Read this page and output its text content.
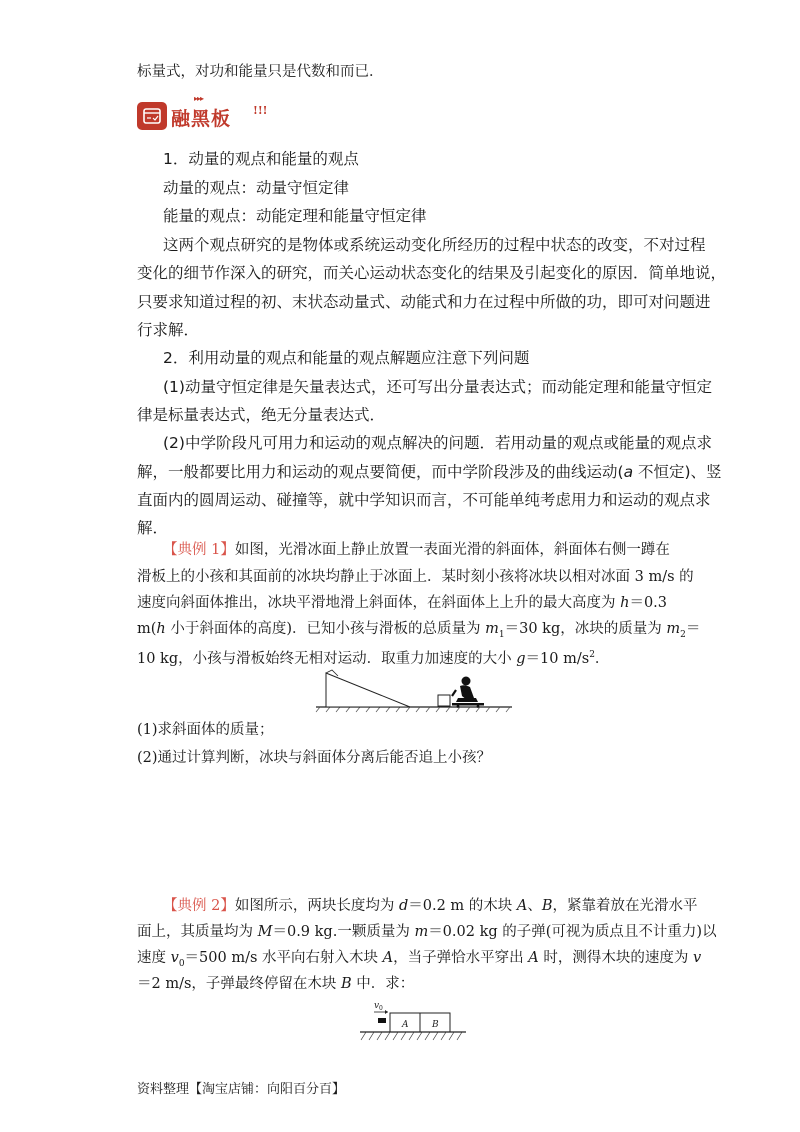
标量式，对功和能量只是代数和而已．
▸▸▸
融黑板 !!!
1．动量的观点和能量的观点
动量的观点：动量守恒定律
能量的观点：动能定理和能量守恒定律
这两个观点研究的是物体或系统运动变化所经历的过程中状态的改变，不对过程
变化的细节作深入的研究，而关心运动状态变化的结果及引起变化的原因．简单地说，
只要求知道过程的初、末状态动量式、动能式和力在过程中所做的功，即可对问题进
行求解．
2．利用动量的观点和能量的观点解题应注意下列问题
(1)动量守恒定律是矢量表达式，还可写出分量表达式；而动能定理和能量守恒定
律是标量表达式，绝无分量表达式．
(2)中学阶段凡可用力和运动的观点解决的问题．若用动量的观点或能量的观点求
解，一般都要比用力和运动的观点要简便，而中学阶段涉及的曲线运动(a 不恒定)、竖
直面内的圆周运动、碰撞等，就中学知识而言，不可能单纯考虑用力和运动的观点求
解．
【典例 1】如图，光滑冰面上静止放置一表面光滑的斜面体，斜面体右侧一蹲在
滑板上的小孩和其面前的冰块均静止于冰面上．某时刻小孩将冰块以相对冰面 3 m/s 的
速度向斜面体推出，冰块平滑地滑上斜面体，在斜面体上上升的最大高度为 h＝0.3
m(h 小于斜面体的高度)．已知小孩与滑板的总质量为 $m_1=30$ kg，冰块的质量为 $m_2=$
10 kg，小孩与滑板始终无相对运动．取重力加速度的大小 g＝10 $m/s^2$．
(1)求斜面体的质量；
(2)通过计算判断，冰块与斜面体分离后能否追上小孩？
【典例 2】如图所示，两块长度均为 d＝0.2 m 的木块 A、B，紧靠着放在光滑水平
面上，其质量均为 M＝0.9 kg.一颗质量为 m＝0.02 kg 的子弹(可视为质点且不计重力)以
速度 $v_0=500$ m/s 水平向右射入木块 A，当子弹恰水平穿出 A 时，测得木块的速度为 v
＝2 m/s，子弹最终停留在木块 B 中．求：
v 0
A	B
资料整理【淘宝店铺：向阳百分百】
